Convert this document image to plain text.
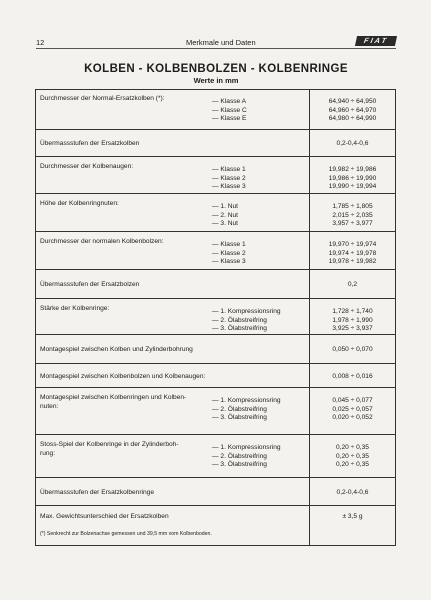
12	Merkmale und Daten	FIAT
KOLBEN - KOLBENBOLZEN - KOLBENRINGE
Werte in mm
Durchmesser der Normal-Ersatzkolben (*):	— Klasse A	64,940 ÷ 64,950
— Klasse C	64,960 ÷ 64,970
— Klasse E	64,980 ÷ 64,990
Übermassstufen der Ersatzkolben	0,2-0,4-0,6
Durchmesser der Kolbenaugen:	— Klasse 1	19,982 ÷ 19,986
— Klasse 2	19,986 ÷ 19,990
— Klasse 3	19,990 ÷ 19,994
Höhe der Kolbenringnuten:	— 1. Nut	1,785 ÷ 1,805
— 2. Nut	2,015 ÷ 2,035
— 3. Nut	3,957 ÷ 3,977
Durchmesser der normalen Kolbenbolzen:	— Klasse 1	19,970 ÷ 19,974
— Klasse 2	19,974 ÷ 19,978
— Klasse 3	19,978 ÷ 19,982
Übermassstufen der Ersatzbolzen	0,2
Stärke der Kolbenringe:	— 1. Kompressionsring	1,728 ÷ 1,740
— 2. Ölabstreifring	1,978 ÷ 1,990
— 3. Ölabstreifring	3,925 ÷ 3,937
Montagespiel zwischen Kolben und Zylinderbohrung	0,050 ÷ 0,070
Montagespiel zwischen Kolbenbolzen und Kolbenaugen:	0,008 ÷ 0,016
Montagespiel zwischen Kolbenringen und Kolben-
nuten:
— 1. Kompressionsring	0,045 ÷ 0,077
— 2. Ölabstreifring	0,025 ÷ 0,057
— 3. Ölabstreifring	0,020 ÷ 0,052
Stoss-Spiel der Kolbenringe in der Zylinderboh-
rung:
— 1. Kompressionsring	0,20 ÷ 0,35
— 2. Ölabstreifring	0,20 ÷ 0,35
— 3. Ölabstreifring	0,20 ÷ 0,35
Übermassstufen der Ersatzkolbenringe	0,2-0,4-0,6
Max. Gewichtsunterschied der Ersatzkolben	± 3,5 g
(*) Senkrecht zur Bolzenachse gemessen und 39,5 mm vom Kolbenboden.
